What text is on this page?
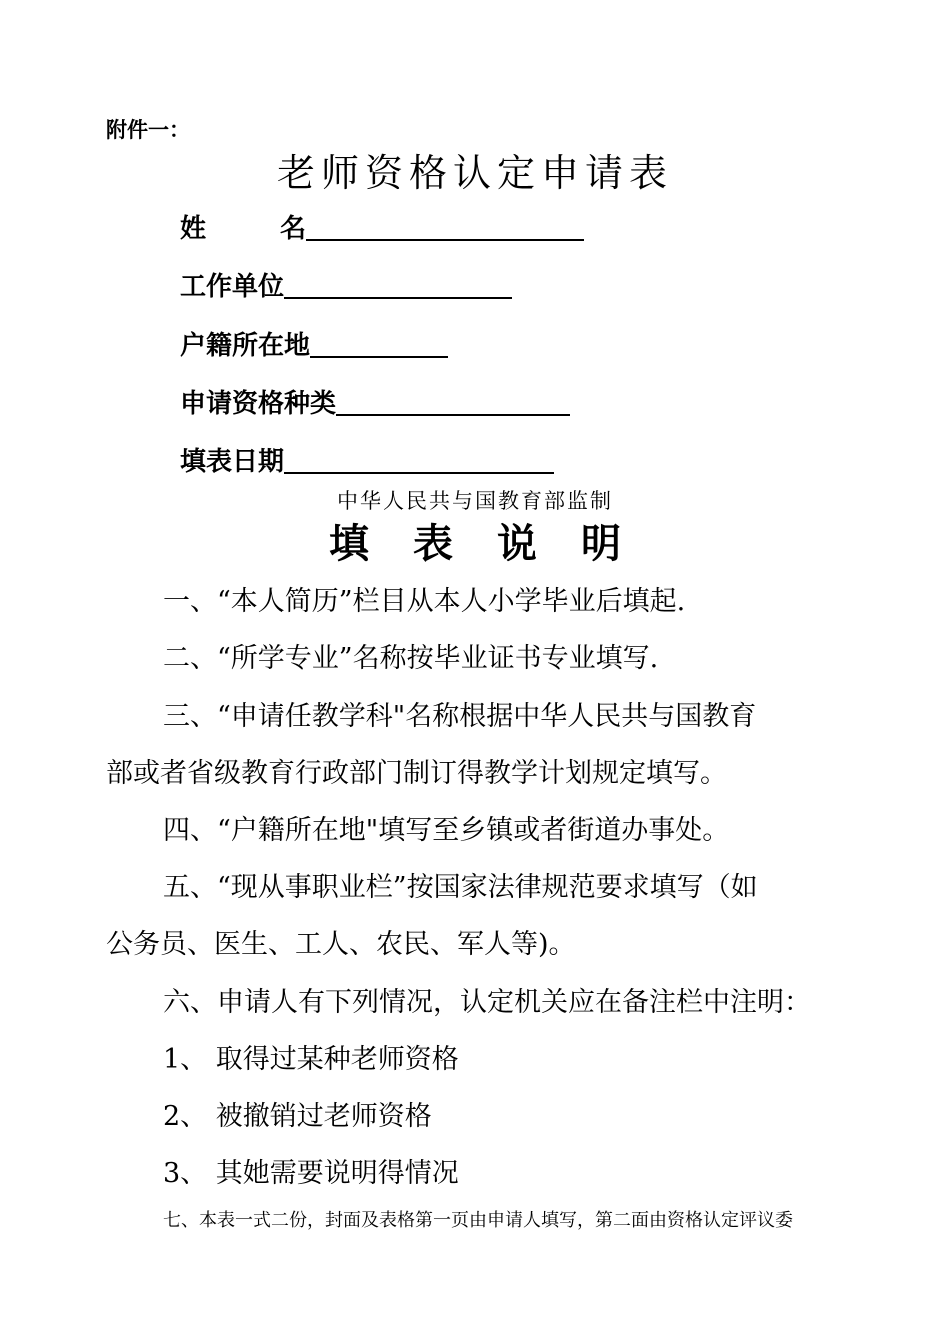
附件一：
老师资格认定申请表
姓	名
工作单位
户籍所在地
申请资格种类
填表日期
中华人民共与国教育部监制
填 表 说 明
一、“本人简历”栏目从本人小学毕业后填起.
二、“所学专业”名称按毕业证书专业填写.
三、“申请任教学科"名称根据中华人民共与国教育
部或者省级教育行政部门制订得教学计划规定填写。
四、“户籍所在地"填写至乡镇或者街道办事处。
五、“现从事职业栏”按国家法律规范要求填写（如
公务员、医生、工人、农民、军人等)。
六、申请人有下列情况，认定机关应在备注栏中注明：
1、 取得过某种老师资格
2、 被撤销过老师资格
3、 其她需要说明得情况
七、本表一式二份，封面及表格第一页由申请人填写，第二面由资格认定评议委
